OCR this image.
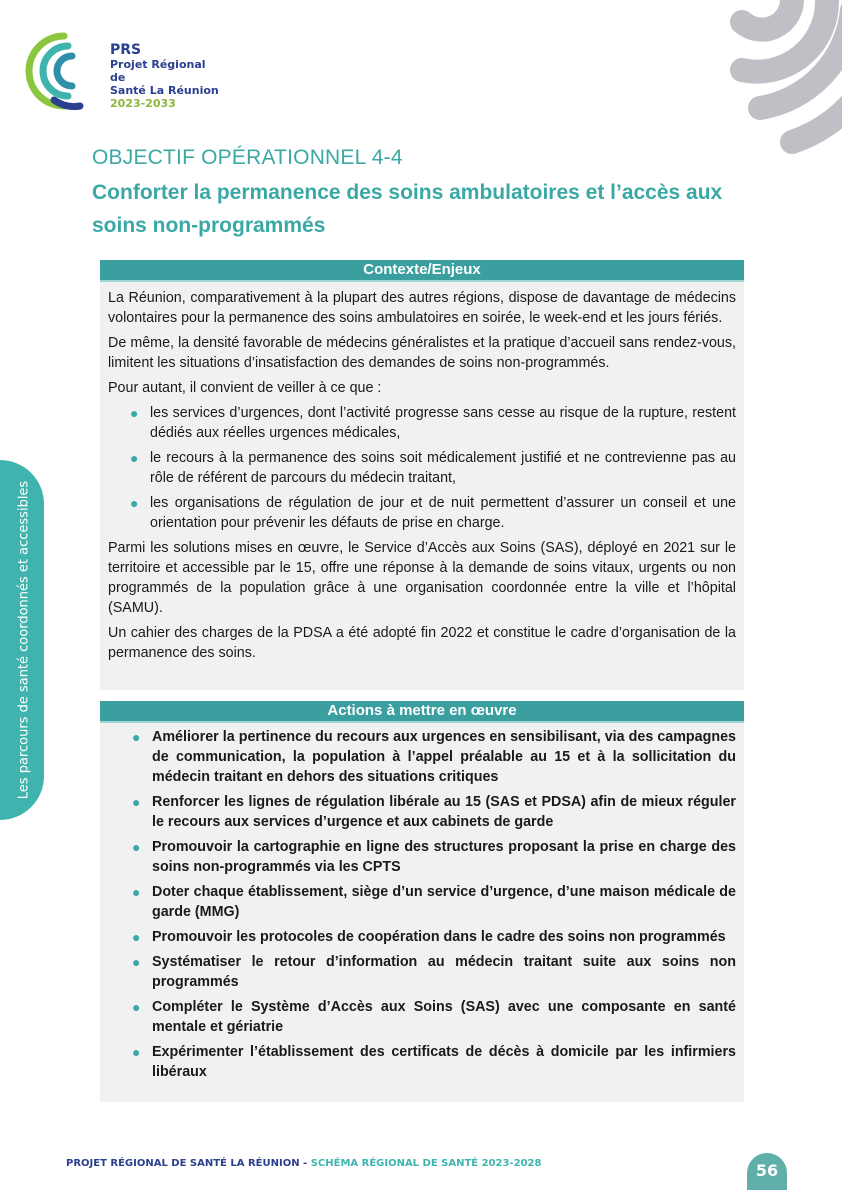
PRS
Projet Régional de
Santé La Réunion
2023-2033
OBJECTIF OPÉRATIONNEL 4-4
Conforter la permanence des soins ambulatoires et l’accès aux soins non-programmés
Contexte/Enjeux

La Réunion, comparativement à la plupart des autres régions, dispose de davantage de médecins volontaires pour la permanence des soins ambulatoires en soirée, le week-end et les jours fériés.

De même, la densité favorable de médecins généralistes et la pratique d’accueil sans rendez-vous, limitent les situations d’insatisfaction des demandes de soins non-programmés.

Pour autant, il convient de veiller à ce que :

● les services d’urgences, dont l’activité progresse sans cesse au risque de la rupture, restent dédiés aux réelles urgences médicales,
● le recours à la permanence des soins soit médicalement justifié et ne contrevienne pas au rôle de référent de parcours du médecin traitant,
● les organisations de régulation de jour et de nuit permettent d’assurer un conseil et une orientation pour prévenir les défauts de prise en charge.

Parmi les solutions mises en œuvre, le Service d’Accès aux Soins (SAS), déployé en 2021 sur le territoire et accessible par le 15, offre une réponse à la demande de soins vitaux, urgents ou non programmés de la population grâce à une organisation coordonnée entre la ville et l’hôpital (SAMU).

Un cahier des charges de la PDSA a été adopté fin 2022 et constitue le cadre d’organisation de la permanence des soins.

Actions à mettre en œuvre
● Améliorer la pertinence du recours aux urgences en sensibilisant, via des campagnes de communication, la population à l’appel préalable au 15 et à la sollicitation du médecin traitant en dehors des situations critiques
● Renforcer les lignes de régulation libérale au 15 (SAS et PDSA) afin de mieux réguler le recours aux services d’urgence et aux cabinets de garde
● Promouvoir la cartographie en ligne des structures proposant la prise en charge des soins non-programmés via les CPTS
● Doter chaque établissement, siège d’un service d’urgence, d’une maison médicale de garde (MMG)
● Promouvoir les protocoles de coopération dans le cadre des soins non programmés
● Systématiser le retour d’information au médecin traitant suite aux soins non programmés
● Compléter le Système d’Accès aux Soins (SAS) avec une composante en santé mentale et gériatrie
● Expérimenter l’établissement des certificats de décès à domicile par les infirmiers libéraux
Les parcours de santé coordonnés et accessibles
PROJET RÉGIONAL DE SANTÉ LA RÉUNION - SCHÉMA RÉGIONAL DE SANTÉ 2023-2028	56
